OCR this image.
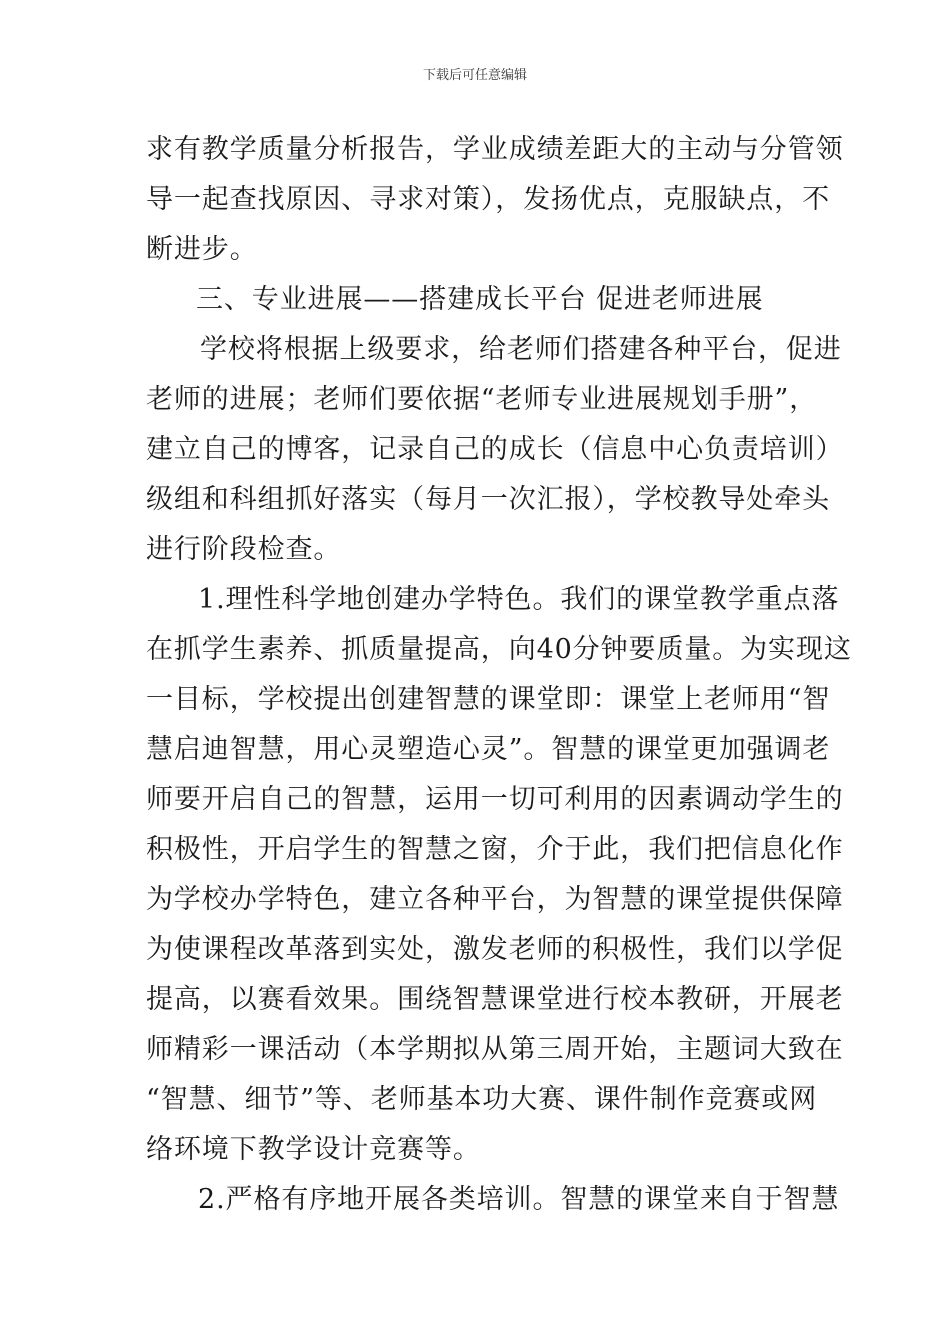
下载后可任意编辑
求有教学质量分析报告，学业成绩差距大的主动与分管领
导一起查找原因、寻求对策），发扬优点，克服缺点，不
断进步。
三、专业进展——搭建成长平台 促进老师进展
学校将根据上级要求，给老师们搭建各种平台，促进
老师的进展；老师们要依据“老师专业进展规划手册”，
建立自己的博客，记录自己的成长（信息中心负责培训）
级组和科组抓好落实（每月一次汇报），学校教导处牵头
进行阶段检查。
1.理性科学地创建办学特色。我们的课堂教学重点落
在抓学生素养、抓质量提高，向40分钟要质量。为实现这
一目标，学校提出创建智慧的课堂即：课堂上老师用“智
慧启迪智慧，用心灵塑造心灵”。智慧的课堂更加强调老
师要开启自己的智慧，运用一切可利用的因素调动学生的
积极性，开启学生的智慧之窗，介于此，我们把信息化作
为学校办学特色，建立各种平台，为智慧的课堂提供保障
为使课程改革落到实处，激发老师的积极性，我们以学促
提高，以赛看效果。围绕智慧课堂进行校本教研，开展老
师精彩一课活动（本学期拟从第三周开始，主题词大致在
“智慧、细节”等、老师基本功大赛、课件制作竞赛或网
络环境下教学设计竞赛等。
2.严格有序地开展各类培训。智慧的课堂来自于智慧
